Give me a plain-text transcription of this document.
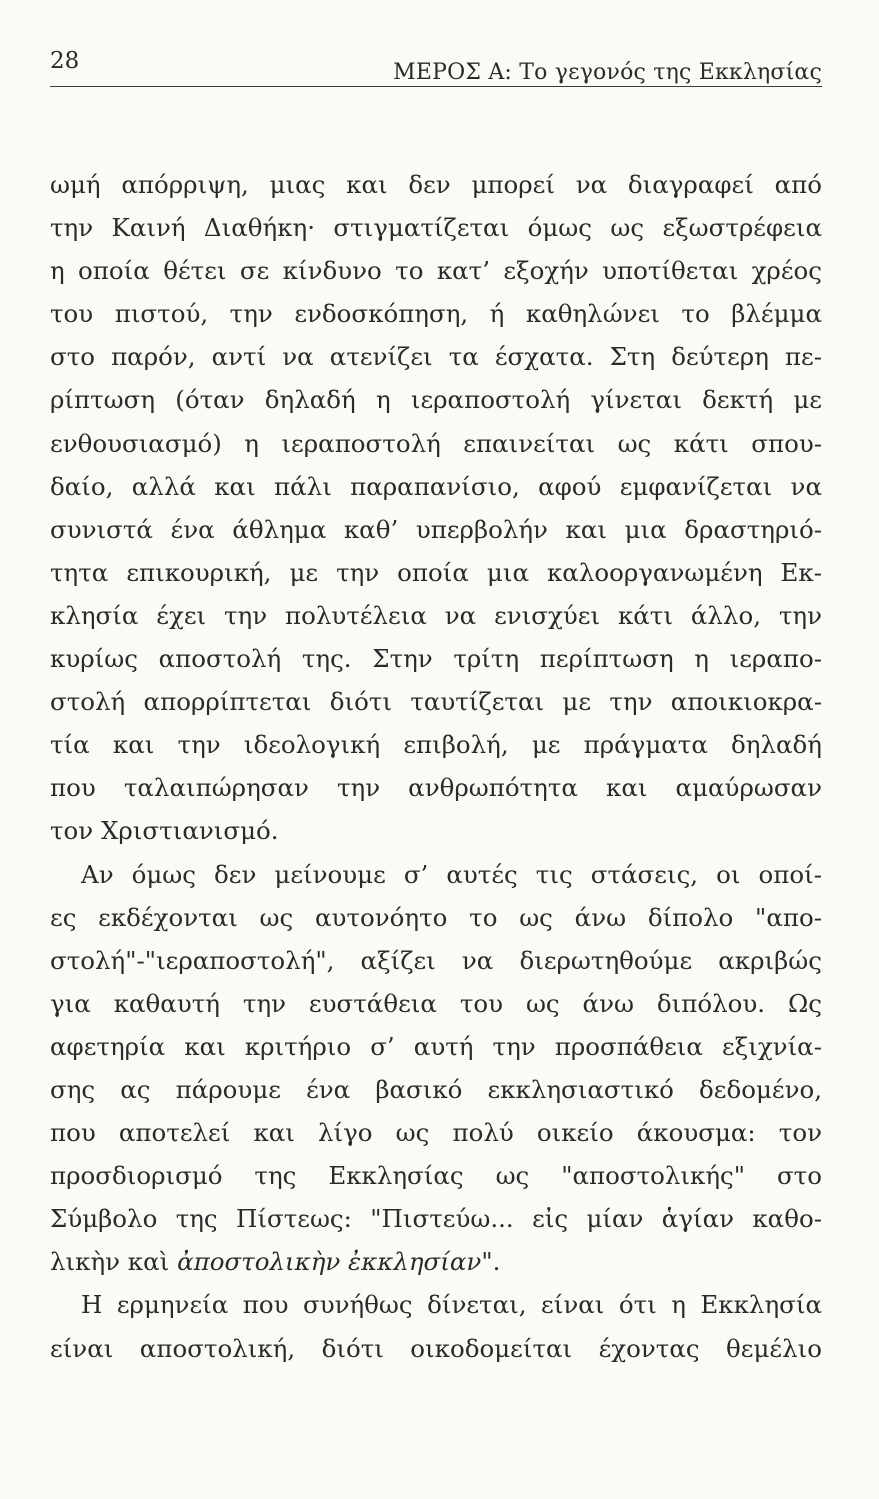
28	ΜΕΡΟΣ Α: Το γεγονός της Εκκλησίας
ωμή απόρριψη, μιας και δεν μπορεί να διαγραφεί από
την Καινή Διαθήκη· στιγματίζεται όμως ως εξωστρέφεια
η οποία θέτει σε κίνδυνο το κατ’ εξοχήν υποτίθεται χρέος
του πιστού, την ενδοσκόπηση, ή καθηλώνει το βλέμμα
στο παρόν, αντί να ατενίζει τα έσχατα. Στη δεύτερη πε-
ρίπτωση (όταν δηλαδή η ιεραποστολή γίνεται δεκτή με
ενθουσιασμό) η ιεραποστολή επαινείται ως κάτι σπου-
δαίο, αλλά και πάλι παραπανίσιο, αφού εμφανίζεται να
συνιστά ένα άθλημα καθ’ υπερβολήν και μια δραστηριό-
τητα επικουρική, με την οποία μια καλοοργανωμένη Εκ-
κλησία έχει την πολυτέλεια να ενισχύει κάτι άλλο, την
κυρίως αποστολή της. Στην τρίτη περίπτωση η ιεραπο-
στολή απορρίπτεται διότι ταυτίζεται με την αποικιοκρα-
τία και την ιδεολογική επιβολή, με πράγματα δηλαδή
που ταλαιπώρησαν την ανθρωπότητα και αμαύρωσαν
τον Χριστιανισμό.
Αν όμως δεν μείνουμε σ’ αυτές τις στάσεις, οι οποί-
ες εκδέχονται ως αυτονόητο το ως άνω δίπολο "απο-
στολή"-"ιεραποστολή", αξίζει να διερωτηθούμε ακριβώς
για καθαυτή την ευστάθεια του ως άνω διπόλου. Ως
αφετηρία και κριτήριο σ’ αυτή την προσπάθεια εξιχνία-
σης ας πάρουμε ένα βασικό εκκλησιαστικό δεδομένο,
που αποτελεί και λίγο ως πολύ οικείο άκουσμα: τον
προσδιορισμό της Εκκλησίας ως "αποστολικής" στο
Σύμβολο της Πίστεως: "Πιστεύω... εἰς μίαν ἁγίαν καθο-
λικὴν καὶ ἀποστολικὴν ἐκκλησίαν".
Η ερμηνεία που συνήθως δίνεται, είναι ότι η Εκκλησία
είναι αποστολική, διότι οικοδομείται έχοντας θεμέλιο
